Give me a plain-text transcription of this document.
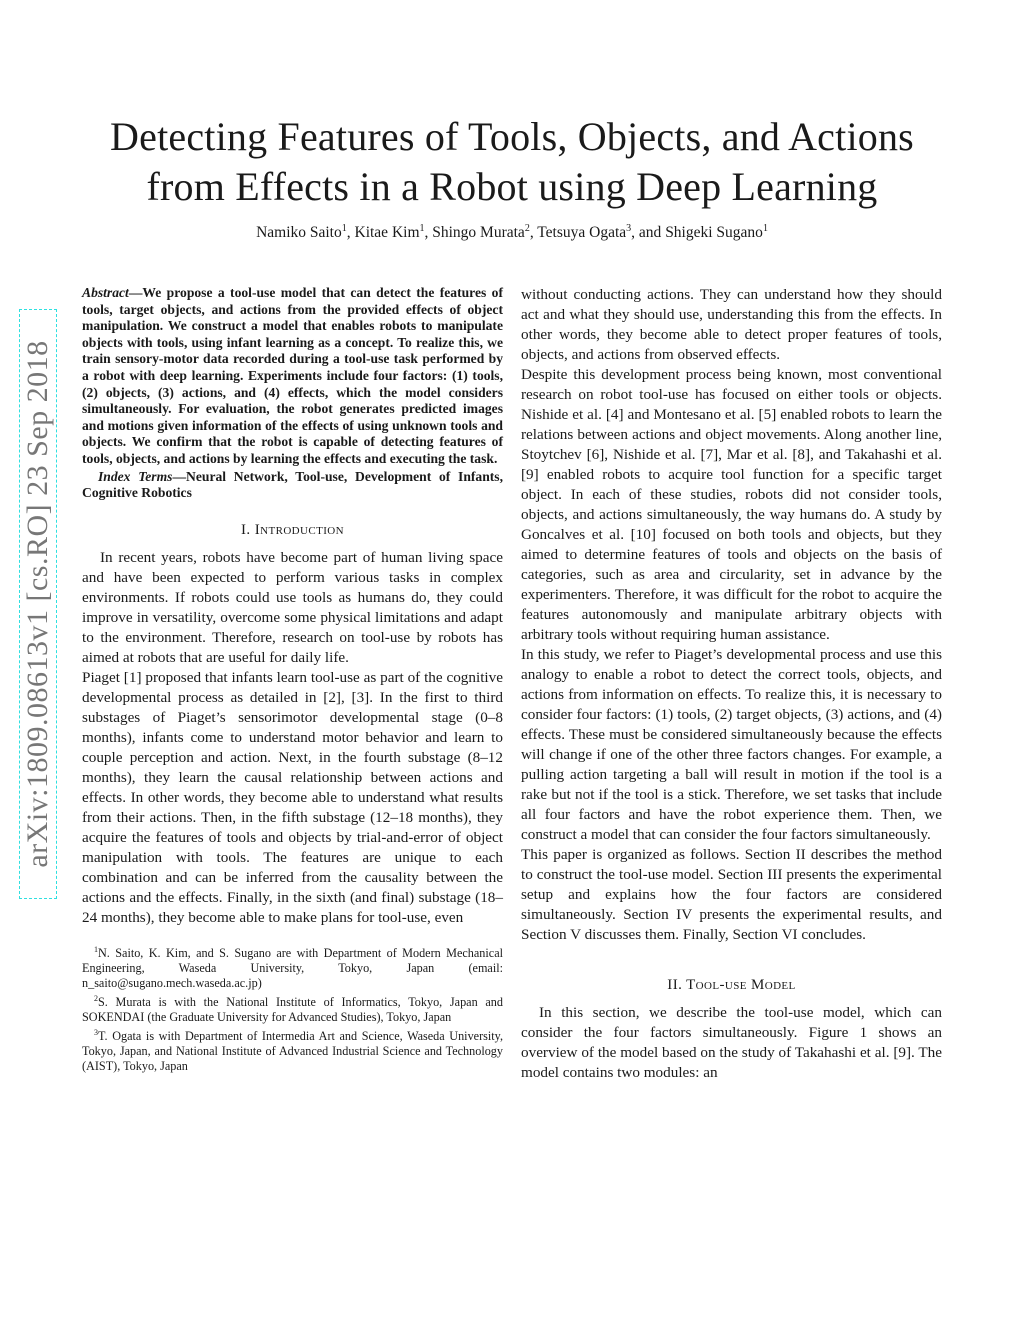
Detecting Features of Tools, Objects, and Actions
from Effects in a Robot using Deep Learning
Namiko Saito$^1$, Kitae Kim$^1$, Shingo Murata$^2$, Tetsuya Ogata$^3$, and Shigeki Sugano$^1$
arXiv:1809.08613v1 [cs.RO] 23 Sep 2018

Abstract—We propose a tool-use model that can detect the features of tools, target objects, and actions from the provided effects of object manipulation. We construct a model that enables robots to manipulate objects with tools, using infant learning as a concept. To realize this, we train sensory-motor data recorded during a tool-use task performed by a robot with deep learning. Experiments include four factors: (1) tools, (2) objects, (3) actions, and (4) effects, which the model considers simultaneously. For evaluation, the robot generates predicted images and motions given information of the effects of using unknown tools and objects. We confirm that the robot is capable of detecting features of tools, objects, and actions by learning the effects and executing the task.

Index Terms—Neural Network, Tool-use, Development of Infants, Cognitive Robotics

I. Introduction

In recent years, robots have become part of human living space and have been expected to perform various tasks in complex environments. If robots could use tools as humans do, they could improve in versatility, overcome some physical limitations and adapt to the environment. Therefore, research on tool-use by robots has aimed at robots that are useful for daily life.

Piaget [1] proposed that infants learn tool-use as part of the cognitive developmental process as detailed in [2], [3]. In the first to third substages of Piaget’s sensorimotor developmental stage (0–8 months), infants come to understand motor behavior and learn to couple perception and action. Next, in the fourth substage (8–12 months), they learn the causal relationship between actions and effects. In other words, they become able to understand what results from their actions. Then, in the fifth substage (12–18 months), they acquire the features of tools and objects by trial-and-error of object manipulation with tools. The features are unique to each combination and can be inferred from the causality between the actions and the effects. Finally, in the sixth (and final) substage (18–24 months), they become able to make plans for tool-use, even

$^1$N. Saito, K. Kim, and S. Sugano are with Department of Modern Mechanical Engineering, Waseda University, Tokyo, Japan (email: n_saito@sugano.mech.waseda.ac.jp)

$^2$S. Murata is with the National Institute of Informatics, Tokyo, Japan and SOKENDAI (the Graduate University for Advanced Studies), Tokyo, Japan

$^3$T. Ogata is with Department of Intermedia Art and Science, Waseda University, Tokyo, Japan, and National Institute of Advanced Industrial Science and Technology (AIST), Tokyo, Japan

without conducting actions. They can understand how they should act and what they should use, understanding this from the effects. In other words, they become able to detect proper features of tools, objects, and actions from observed effects.

Despite this development process being known, most conventional research on robot tool-use has focused on either tools or objects. Nishide et al. [4] and Montesano et al. [5] enabled robots to learn the relations between actions and object movements. Along another line, Stoytchev [6], Nishide et al. [7], Mar et al. [8], and Takahashi et al. [9] enabled robots to acquire tool function for a specific target object. In each of these studies, robots did not consider tools, objects, and actions simultaneously, the way humans do. A study by Goncalves et al. [10] focused on both tools and objects, but they aimed to determine features of tools and objects on the basis of categories, such as area and circularity, set in advance by the experimenters. Therefore, it was difficult for the robot to acquire the features autonomously and manipulate arbitrary objects with arbitrary tools without requiring human assistance.

In this study, we refer to Piaget’s developmental process and use this analogy to enable a robot to detect the correct tools, objects, and actions from information on effects. To realize this, it is necessary to consider four factors: (1) tools, (2) target objects, (3) actions, and (4) effects. These must be considered simultaneously because the effects will change if one of the other three factors changes. For example, a pulling action targeting a ball will result in motion if the tool is a rake but not if the tool is a stick. Therefore, we set tasks that include all four factors and have the robot experience them. Then, we construct a model that can consider the four factors simultaneously.

This paper is organized as follows. Section II describes the method to construct the tool-use model. Section III presents the experimental setup and explains how the four factors are considered simultaneously. Section IV presents the experimental results, and Section V discusses them. Finally, Section VI concludes.

II. Tool-use Model

In this section, we describe the tool-use model, which can consider the four factors simultaneously. Figure 1 shows an overview of the model based on the study of Takahashi et al. [9]. The model contains two modules: an
